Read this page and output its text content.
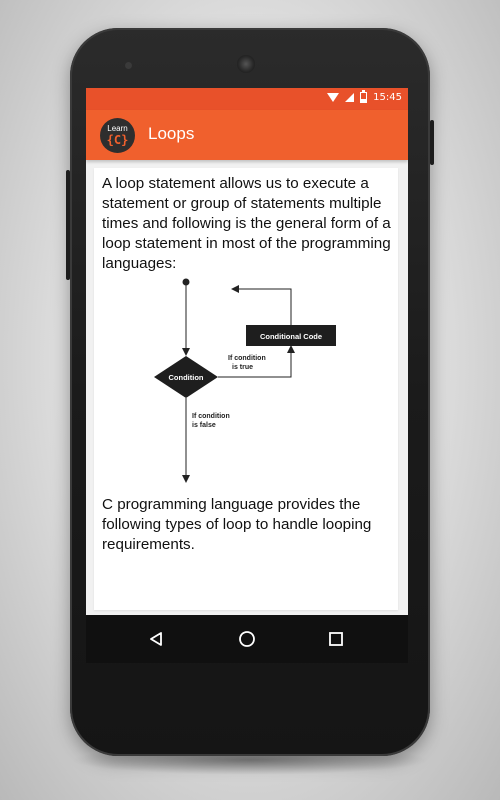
15:45
Learn
{C}	Loops

A loop statement allows us to execute a statement or group of statements multiple times and following is the general form of a loop statement in most of the programming languages:

Condition
If condition
is true
Conditional Code
If condition
is false

C programming language provides the following types of loop to handle looping requirements.
